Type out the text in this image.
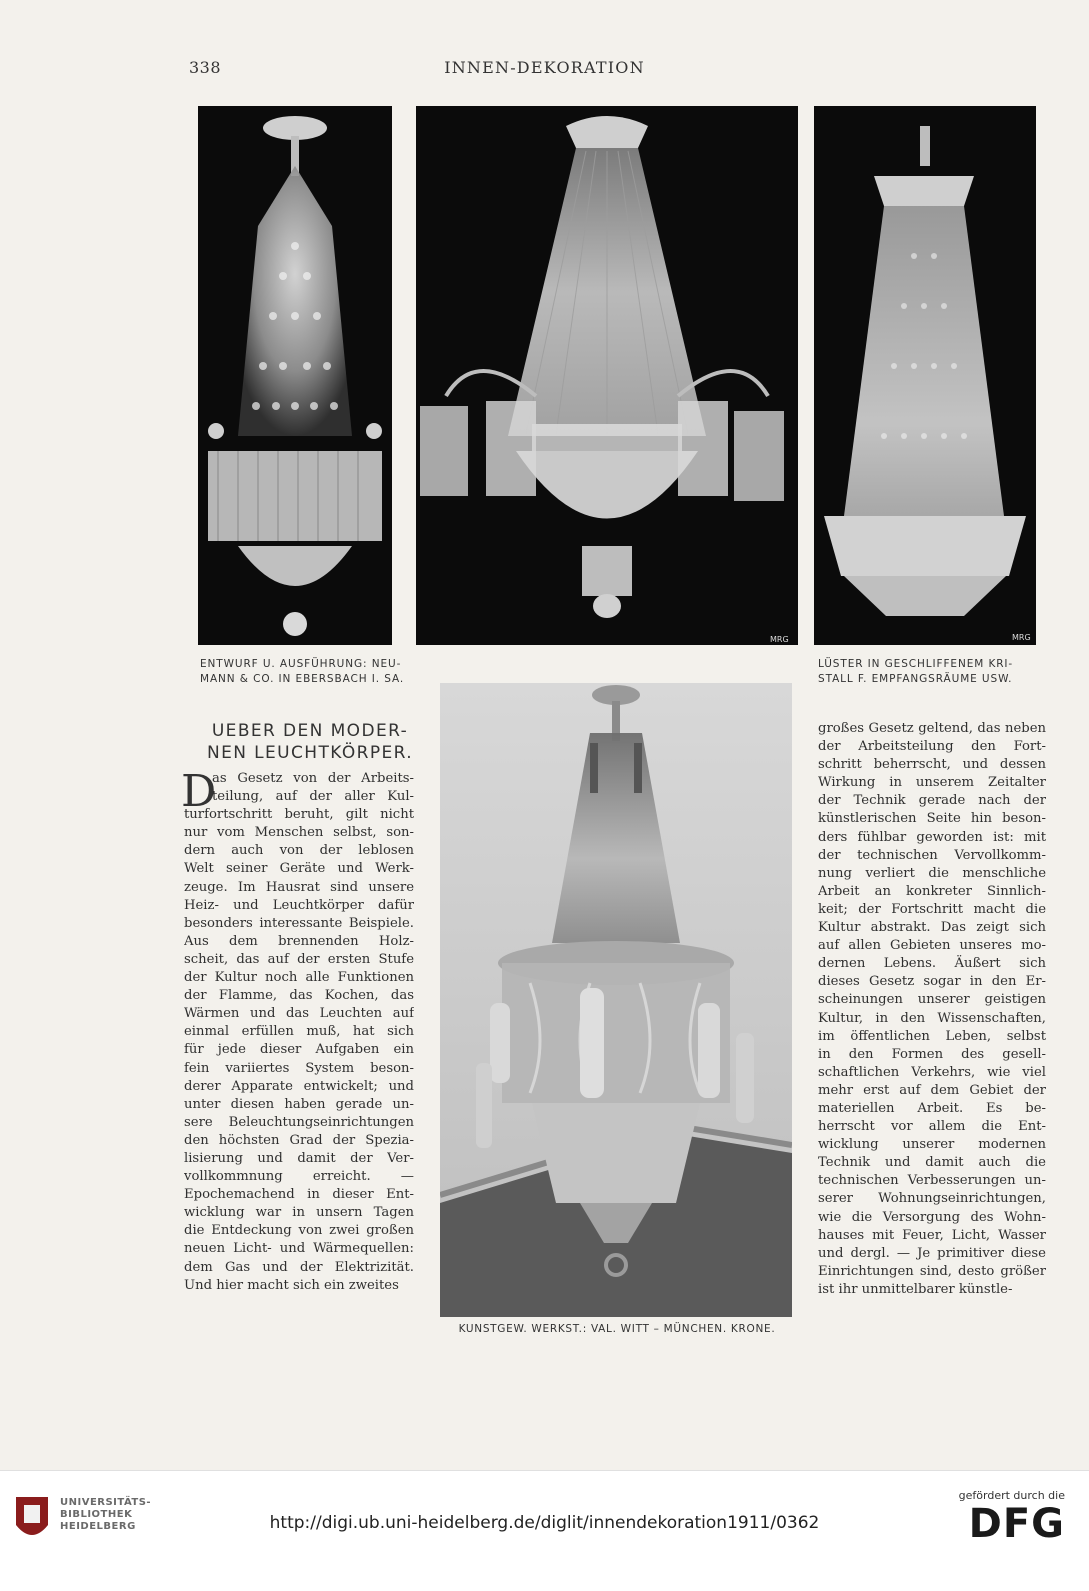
338	INNEN-DEKORATION
MRG	MRG
ENTWURF U. AUSFÜHRUNG: NEU-
MANN & CO. IN EBERSBACH I. SA.
LÜSTER IN GESCHLIFFENEM KRI-
STALL F. EMPFANGSRÄUME USW.
UEBER DEN MODER-
NEN LEUCHTKÖRPER.
D
as Gesetz von der Arbeits-
teilung, auf der aller Kul-
turfortschritt beruht, gilt nicht
nur vom Menschen selbst, son-
dern auch von der leblosen
Welt seiner Geräte und Werk-
zeuge. Im Hausrat sind unsere
Heiz- und Leuchtkörper dafür
besonders interessante Beispiele.
Aus dem brennenden Holz-
scheit, das auf der ersten Stufe
der Kultur noch alle Funktionen
der Flamme, das Kochen, das
Wärmen und das Leuchten auf
einmal erfüllen muß, hat sich
für jede dieser Aufgaben ein
fein variiertes System beson-
derer Apparate entwickelt; und
unter diesen haben gerade un-
sere Beleuchtungseinrichtungen
den höchsten Grad der Spezia-
lisierung und damit der Ver-
vollkommnung erreicht. —
Epochemachend in dieser Ent-
wicklung war in unsern Tagen
die Entdeckung von zwei großen
neuen Licht- und Wärmequellen:
dem Gas und der Elektrizität.
Und hier macht sich ein zweites
KUNSTGEW. WERKST.: VAL. WITT – MÜNCHEN. KRONE.
großes Gesetz geltend, das neben
der Arbeitsteilung den Fort-
schritt beherrscht, und dessen
Wirkung in unserem Zeitalter
der Technik gerade nach der
künstlerischen Seite hin beson-
ders fühlbar geworden ist: mit
der technischen Vervollkomm-
nung verliert die menschliche
Arbeit an konkreter Sinnlich-
keit; der Fortschritt macht die
Kultur abstrakt. Das zeigt sich
auf allen Gebieten unseres mo-
dernen Lebens. Äußert sich
dieses Gesetz sogar in den Er-
scheinungen unserer geistigen
Kultur, in den Wissenschaften,
im öffentlichen Leben, selbst
in den Formen des gesell-
schaftlichen Verkehrs, wie viel
mehr erst auf dem Gebiet der
materiellen Arbeit. Es be-
herrscht vor allem die Ent-
wicklung unserer modernen
Technik und damit auch die
technischen Verbesserungen un-
serer Wohnungseinrichtungen,
wie die Versorgung des Wohn-
hauses mit Feuer, Licht, Wasser
und dergl. — Je primitiver diese
Einrichtungen sind, desto größer
ist ihr unmittelbarer künstle-
UNIVERSITÄTS-
BIBLIOTHEK
HEIDELBERG	http://digi.ub.uni-heidelberg.de/diglit/innendekoration1911/0362
gefördert durch die
DFG
